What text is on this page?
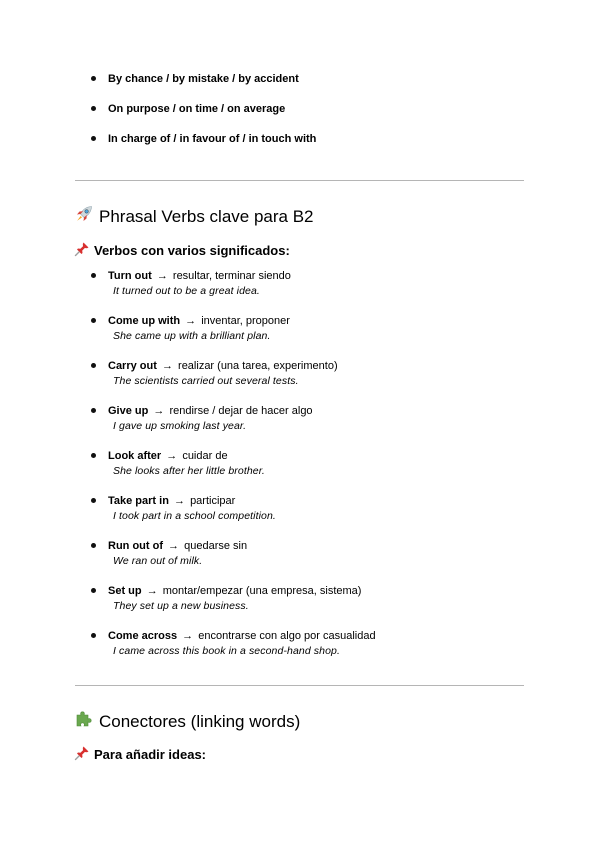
By chance / by mistake / by accident
On purpose / on time / on average
In charge of / in favour of / in touch with
Phrasal Verbs clave para B2
Verbos con varios significados:
Turn out → resultar, terminar siendo
It turned out to be a great idea.
Come up with → inventar, proponer
She came up with a brilliant plan.
Carry out → realizar (una tarea, experimento)
The scientists carried out several tests.
Give up → rendirse / dejar de hacer algo
I gave up smoking last year.
Look after → cuidar de
She looks after her little brother.
Take part in → participar
I took part in a school competition.
Run out of → quedarse sin
We ran out of milk.
Set up → montar/empezar (una empresa, sistema)
They set up a new business.
Come across → encontrarse con algo por casualidad
I came across this book in a second-hand shop.
Conectores (linking words)
Para añadir ideas:
